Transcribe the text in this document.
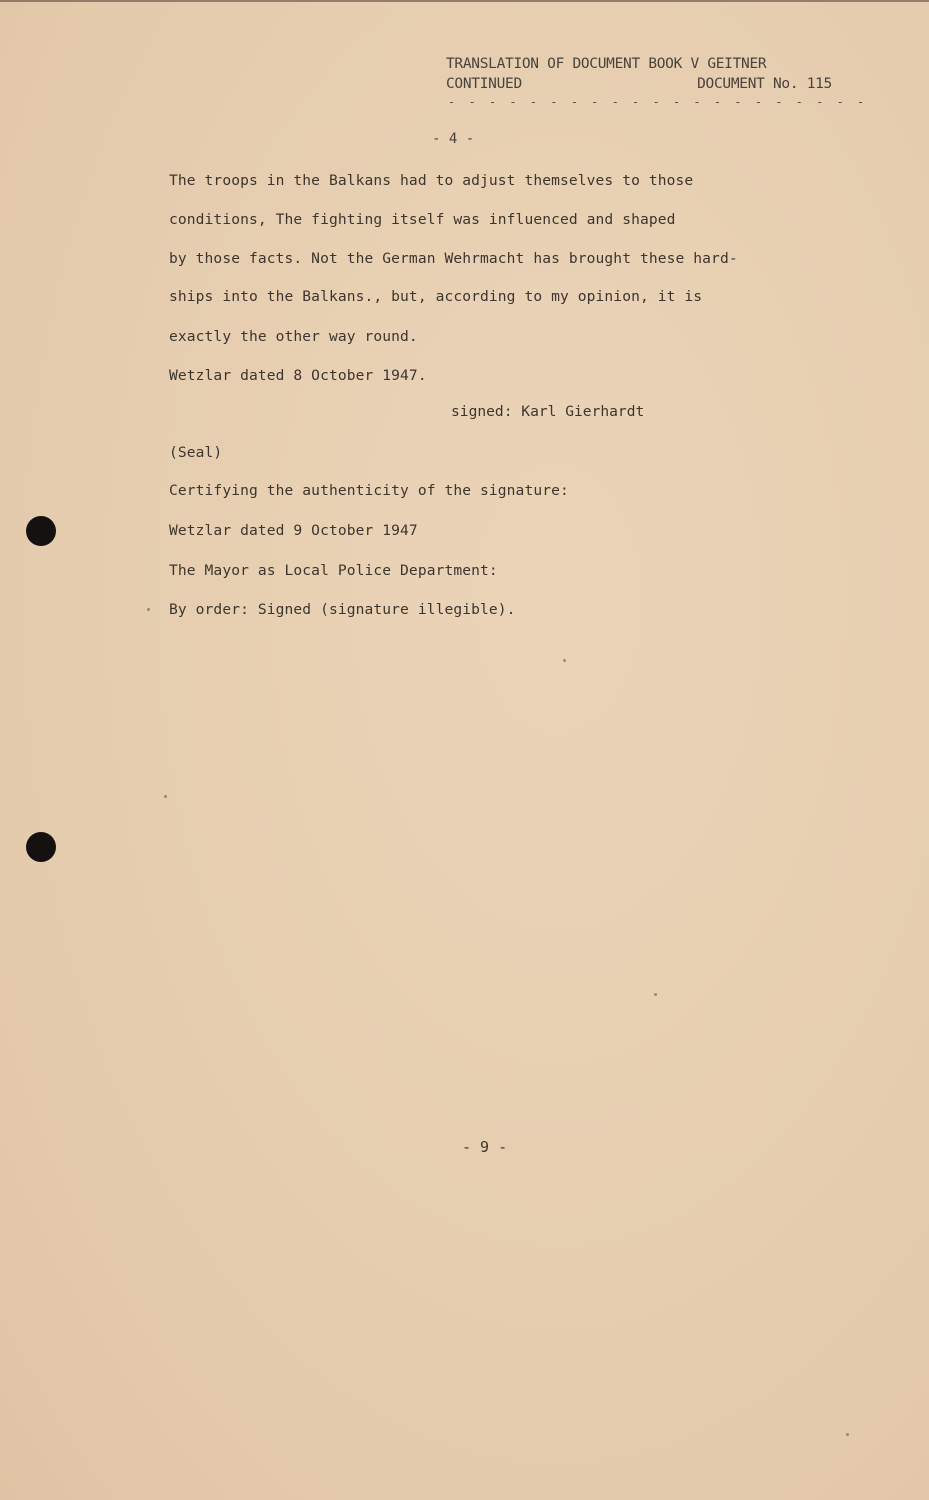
TRANSLATION OF DOCUMENT BOOK V GEITNER
CONTINUED	DOCUMENT No. 115
- - - - - - - - - - - - - - - - - - - - -
- 4 -
The troops in the Balkans had to adjust themselves to those
conditions, The fighting itself was influenced and shaped
by those facts. Not the German Wehrmacht has brought these hard-
ships into the Balkans., but, according to my opinion, it is
exactly the other way round.
Wetzlar dated 8 October 1947.
signed: Karl Gierhardt
(Seal)
Certifying the authenticity of the signature:
Wetzlar dated 9 October 1947
The Mayor as Local Police Department:
By order: Signed (signature illegible).
- 9 -
